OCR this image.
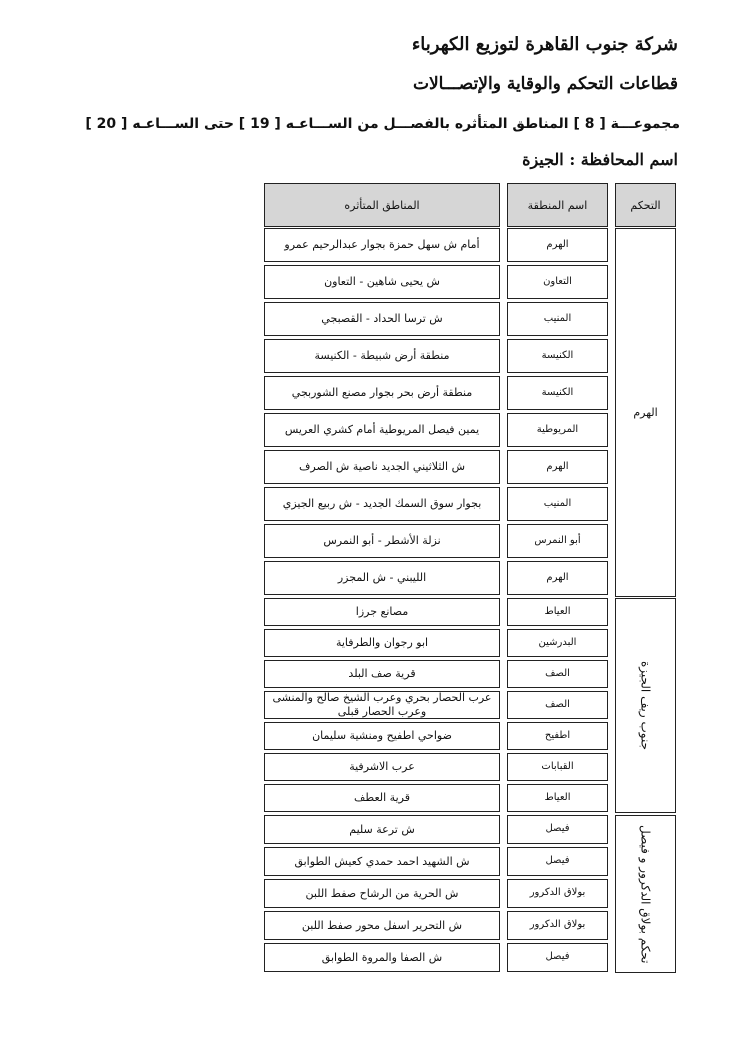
شركة جنوب القاهرة لتوزيع الكهرباء
قطاعات التحكم والوقاية والإتصـــالات
مجموعـــة [ 8 ] المناطق المتأثره بالفصـــل من الســـاعـه [ 19 ] حتى الســـاعـه [ 20 ]
اسم المحافظة : الجيزة
التحكم
اسم المنطقة
المناطق المتأثره
الهرم
الهرم
أمام ش سهل حمزة بجوار عبدالرحيم عمرو
التعاون
ش يحيى شاهين - التعاون
المنيب
ش ترسا الحداد - القصبجي
الكنيسة
منطقة أرض شبيطة - الكنيسة
الكنيسة
منطقة أرض بحر بجوار مصنع الشوربجي
المريوطية
يمين فيصل المريوطية أمام كشري العريس
الهرم
ش الثلاثيني الجديد ناصية ش الصرف
المنيب
بجوار سوق السمك الجديد - ش ربيع الجيزي
أبو النمرس
نزلة الأشطر - أبو النمرس
الهرم
الليبني - ش المجزر
جنوب ريف الجيزة
العياط
مصانع جرزا
البدرشين
ابو رجوان والطرفاية
الصف
قرية صف البلد
الصف
عرب الحصار بحري وعرب الشيخ صالح والمنشى وعرب الحصار قبلى
اطفيح
ضواحي اطفيح ومنشية سليمان
القبابات
عرب الاشرفية
العياط
قرية العطف
تحكم بولاق الدكرور و فيصل
فيصل
ش ترعة سليم
فيصل
ش الشهيد احمد حمدي كعيش الطوابق
بولاق الدكرور
ش الحرية من الرشاح صفط اللبن
بولاق الدكرور
ش التحرير اسفل محور صفط اللبن
فيصل
ش الصفا والمروة الطوابق
